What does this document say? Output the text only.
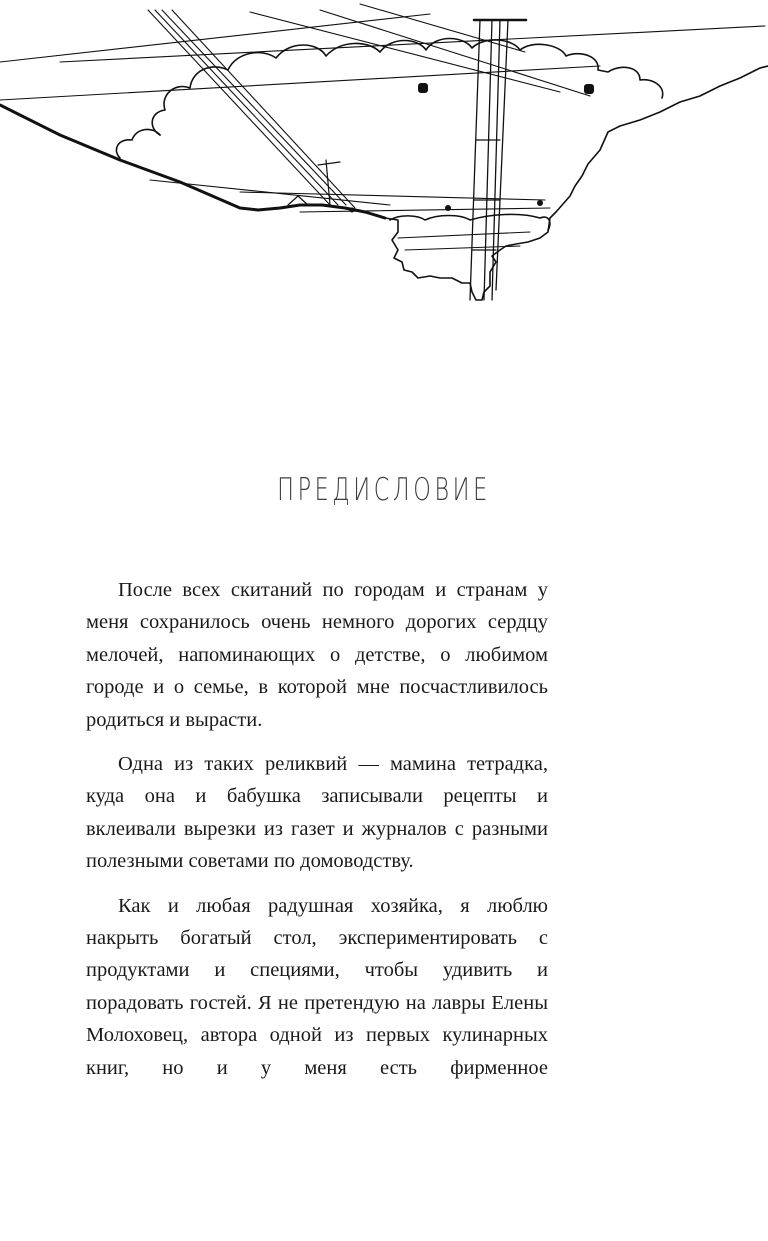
ПРЕДИСЛОВИЕ

После всех скитаний по городам и странам у меня сохранилось очень немного дорогих сердцу мелочей, напоминающих о детстве, о любимом городе и о семье, в которой мне посчастливилось родиться и вырасти.

Одна из таких реликвий — мамина тетрадка, куда она и бабушка записывали рецепты и вклеивали вырезки из газет и журналов с разными полезными советами по домоводству.

Как и любая радушная хозяйка, я люблю накрыть богатый стол, экспериментировать с продуктами и специями, чтобы удивить и порадовать гостей. Я не претендую на лавры Елены Молоховец, автора одной из первых кулинарных книг, но и у меня есть фирменное
